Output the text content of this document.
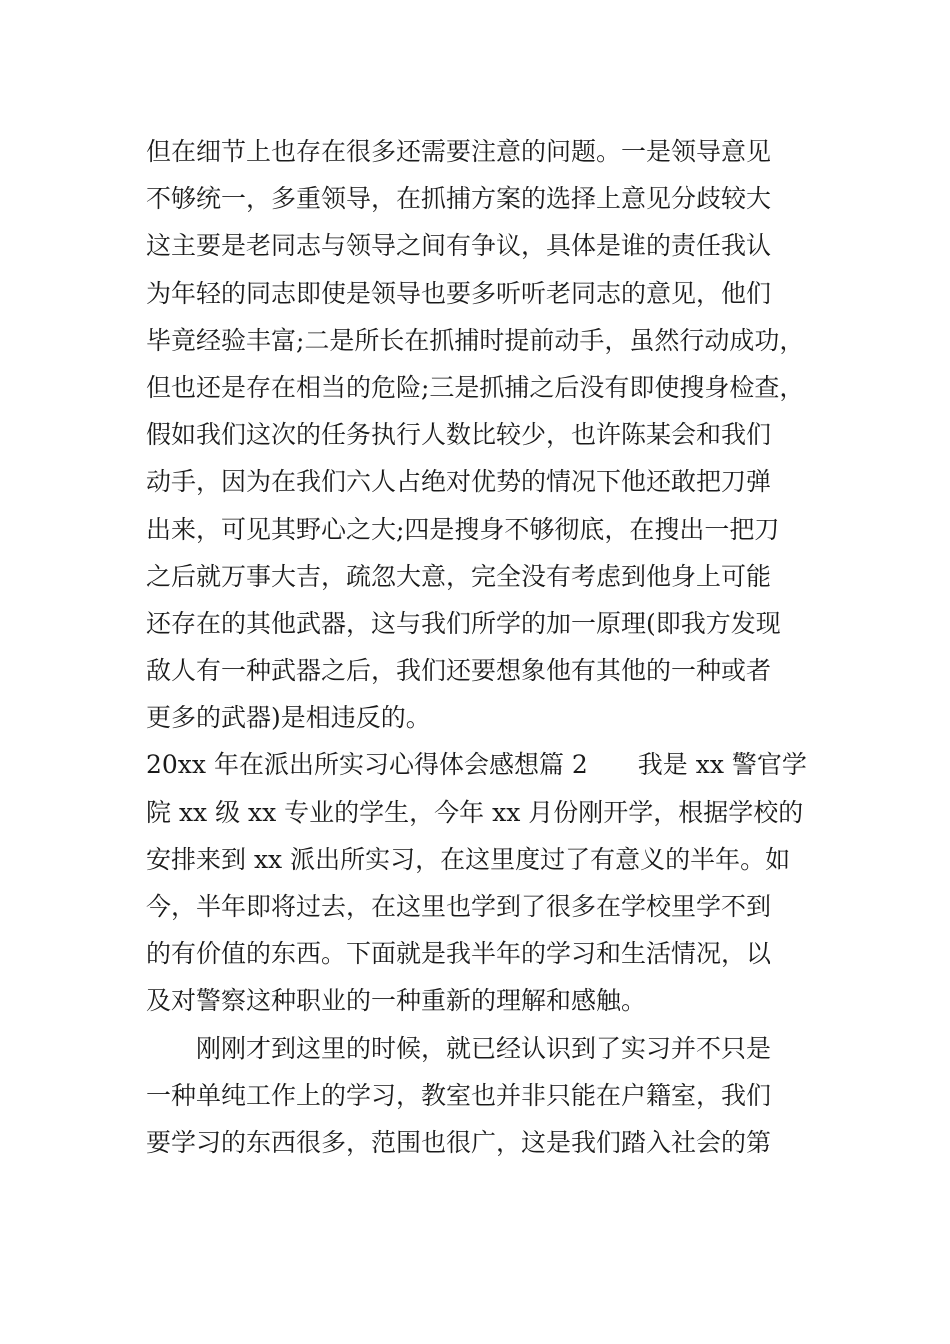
但在细节上也存在很多还需要注意的问题。一是领导意见
不够统一，多重领导，在抓捕方案的选择上意见分歧较大
这主要是老同志与领导之间有争议，具体是谁的责任我认
为年轻的同志即使是领导也要多听听老同志的意见，他们
毕竟经验丰富;二是所长在抓捕时提前动手，虽然行动成功，
但也还是存在相当的危险;三是抓捕之后没有即使搜身检查，
假如我们这次的任务执行人数比较少，也许陈某会和我们
动手，因为在我们六人占绝对优势的情况下他还敢把刀弹
出来，可见其野心之大;四是搜身不够彻底，在搜出一把刀
之后就万事大吉，疏忽大意，完全没有考虑到他身上可能
还存在的其他武器，这与我们所学的加一原理(即我方发现
敌人有一种武器之后，我们还要想象他有其他的一种或者
更多的武器)是相违反的。
20xx 年在派出所实习心得体会感想篇 2　　我是 xx 警官学
院 xx 级 xx 专业的学生，今年 xx 月份刚开学，根据学校的
安排来到 xx 派出所实习，在这里度过了有意义的半年。如
今，半年即将过去，在这里也学到了很多在学校里学不到
的有价值的东西。下面就是我半年的学习和生活情况，以
及对警察这种职业的一种重新的理解和感触。
　　刚刚才到这里的时候，就已经认识到了实习并不只是
一种单纯工作上的学习，教室也并非只能在户籍室，我们
要学习的东西很多，范围也很广，这是我们踏入社会的第
